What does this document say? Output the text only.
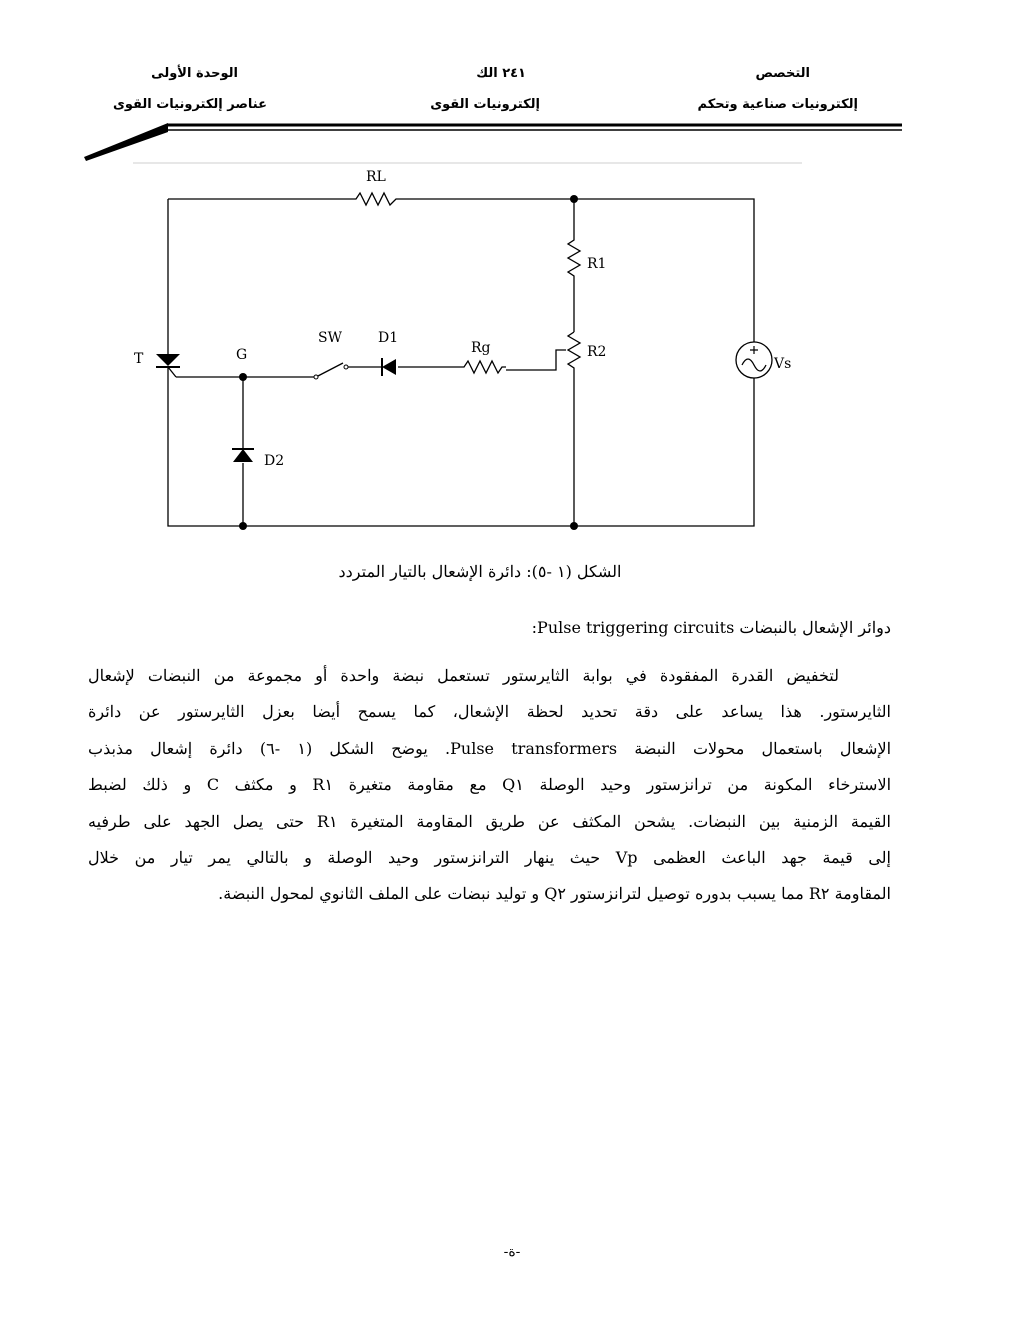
التخصص
إلكترونيات صناعية وتحكم
٢٤١ الك
إلكترونيات القوى
الوحدة الأولى
عناصر إلكترونيات القوى
RL
R1
R2
Rg
SW	D1
D2
T	G
Vs
الشكل (١ -٥): دائرة الإشعال بالتيار المتردد
دوائر الإشعال بالنبضات Pulse triggering circuits:

لتخفيض القدرة المفقودة في بوابة الثايرستور تستعمل نبضة واحدة أو مجموعة من النبضات لإشعال

الثايرستور. هذا يساعد على دقة تحديد لحظة الإشعال، كما يسمح أيضا بعزل الثايرستور عن دائرة

الإشعال باستعمال محولات النبضة Pulse transformers. يوضح الشكل (١ -٦) دائرة إشعال مذبذب

الاسترخاء المكونة من ترانزستور وحيد الوصلة Q١ مع مقاومة متغيرة R١ و مكثف C و ذلك لضبط

القيمة الزمنية بين النبضات. يشحن المكثف عن طريق المقاومة المتغيرة R١ حتى يصل الجهد على طرفيه

إلى قيمة جهد الباعث العظمى Vp حيث ينهار الترانزستور وحيد الوصلة و بالتالي يمر تيار من خلال

المقاومة R٢ مما يسبب بدوره توصيل لترانزستور Q٢ و توليد نبضات على الملف الثانوي لمحول النبضة.

-ة-
